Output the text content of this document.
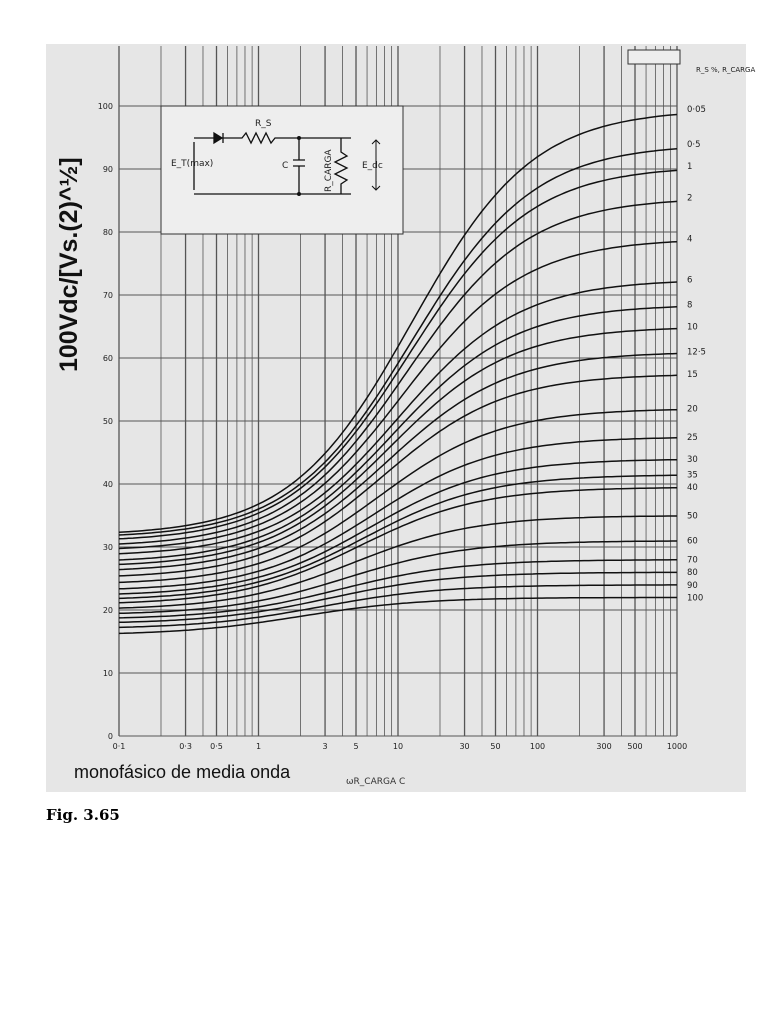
R_S
E_T(max)	C	R_CARGA	E_dc
0·1	0·3 0·5	1	3	5	10	30	50	100	300 500	1000
0
10
20
30
40
50
60
70
80
90
100	0·05
0·5
1
2
4
6
8
10
12·5
15
20
25
30
35
40
50
60
70
80
90
100
R_S %, R_CARGA
ωR_CARGA C
100Vdc/[Vs.(2)^½]
monofásico de media onda
Fig. 3.65
